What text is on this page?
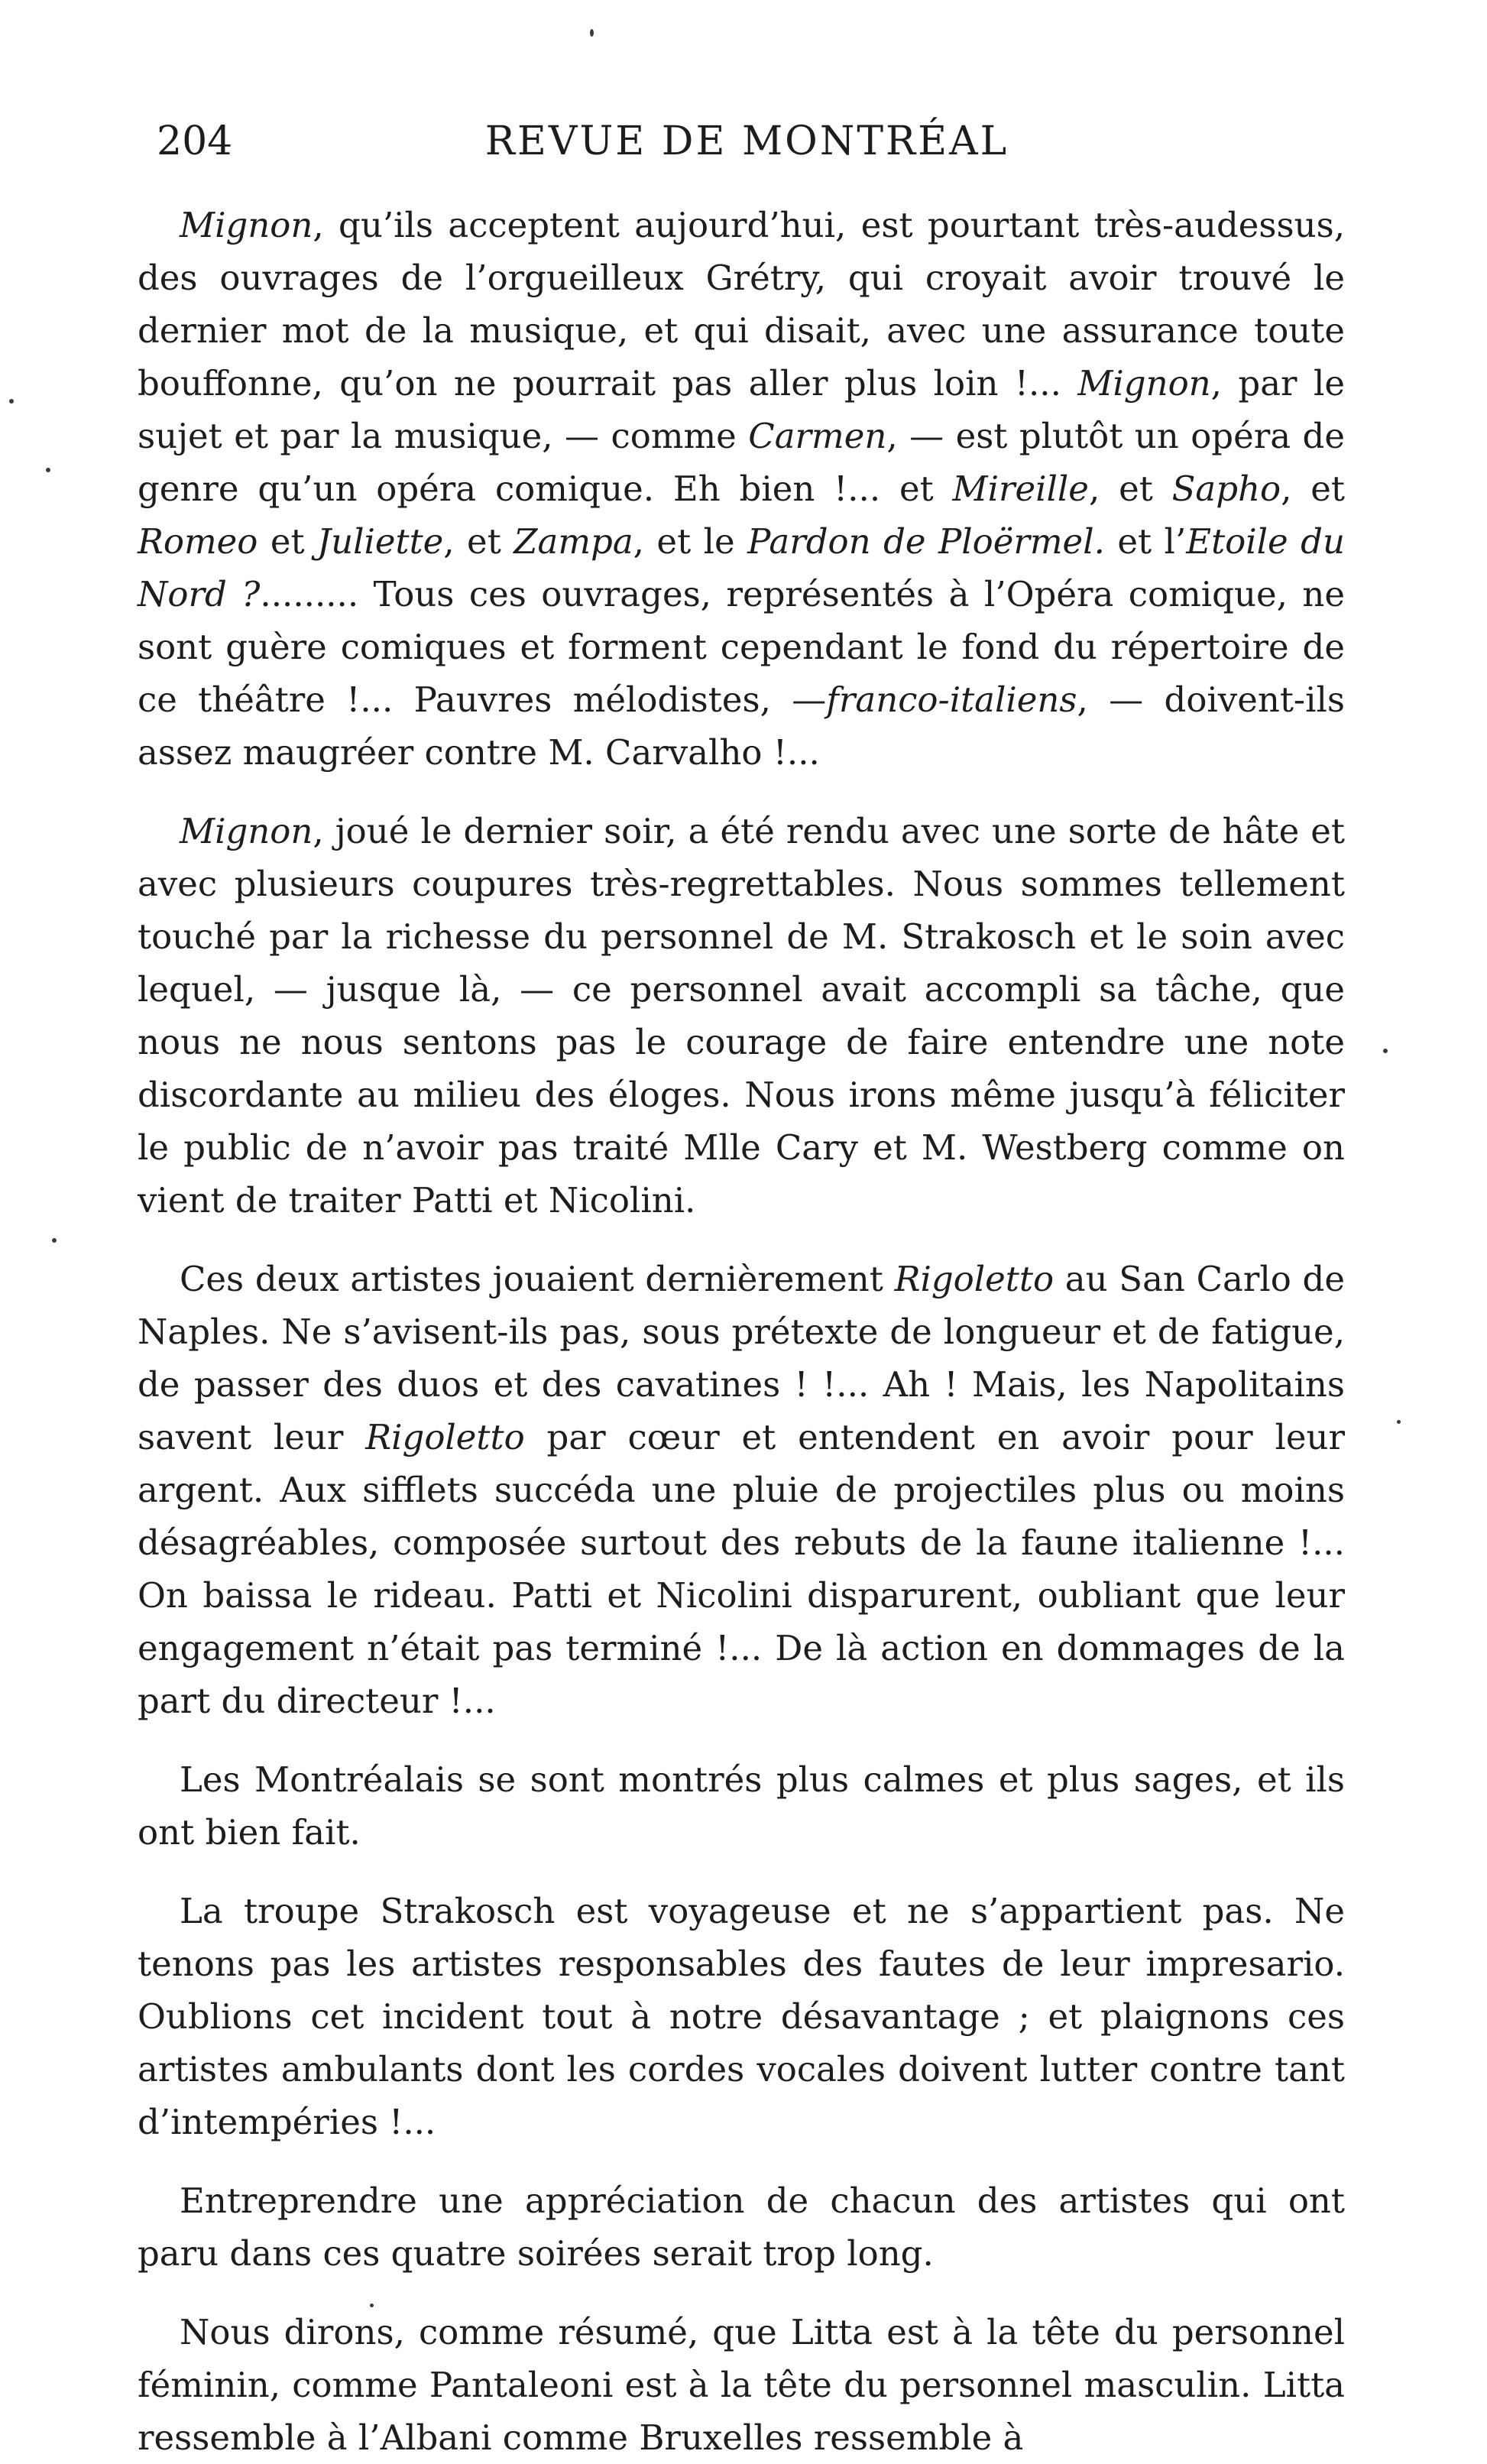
204	REVUE DE MONTRÉAL

Mignon, qu’ils acceptent aujourd’hui, est pourtant très-audessus, des ouvrages de l’orgueilleux Grétry, qui croyait avoir trouvé le dernier mot de la musique, et qui disait, avec une assurance toute bouffonne, qu’on ne pourrait pas aller plus loin !... Mignon, par le sujet et par la musique, — comme Carmen, — est plutôt un opéra de genre qu’un opéra comique. Eh bien !... et Mireille, et Sapho, et Romeo et Juliette, et Zampa, et le Pardon de Ploërmel. et l’Etoile du Nord ?......... Tous ces ouvrages, représentés à l’Opéra comique, ne sont guère comiques et forment cependant le fond du répertoire de ce théâtre !... Pauvres mélodistes, —franco-italiens, — doivent-ils assez maugréer contre M. Carvalho !...

Mignon, joué le dernier soir, a été rendu avec une sorte de hâte et avec plusieurs coupures très-regrettables. Nous sommes tellement touché par la richesse du personnel de M. Strakosch et le soin avec lequel, — jusque là, — ce personnel avait accompli sa tâche, que nous ne nous sentons pas le courage de faire entendre une note discordante au milieu des éloges. Nous irons même jusqu’à féliciter le public de n’avoir pas traité Mlle Cary et M. Westberg comme on vient de traiter Patti et Nicolini.

Ces deux artistes jouaient dernièrement Rigoletto au San Carlo de Naples. Ne s’avisent-ils pas, sous prétexte de longueur et de fatigue, de passer des duos et des cavatines ! !... Ah ! Mais, les Napolitains savent leur Rigoletto par cœur et entendent en avoir pour leur argent. Aux sifflets succéda une pluie de projectiles plus ou moins désagréables, composée surtout des rebuts de la faune italienne !... On baissa le rideau. Patti et Nicolini disparurent, oubliant que leur engagement n’était pas terminé !... De là action en dommages de la part du directeur !...

Les Montréalais se sont montrés plus calmes et plus sages, et ils ont bien fait.

La troupe Strakosch est voyageuse et ne s’appartient pas. Ne tenons pas les artistes responsables des fautes de leur impresario. Oublions cet incident tout à notre désavantage ; et plaignons ces artistes ambulants dont les cordes vocales doivent lutter contre tant d’intempéries !...

Entreprendre une appréciation de chacun des artistes qui ont paru dans ces quatre soirées serait trop long.

Nous dirons, comme résumé, que Litta est à la tête du personnel féminin, comme Pantaleoni est à la tête du personnel masculin. Litta ressemble à l’Albani comme Bruxelles ressemble à
